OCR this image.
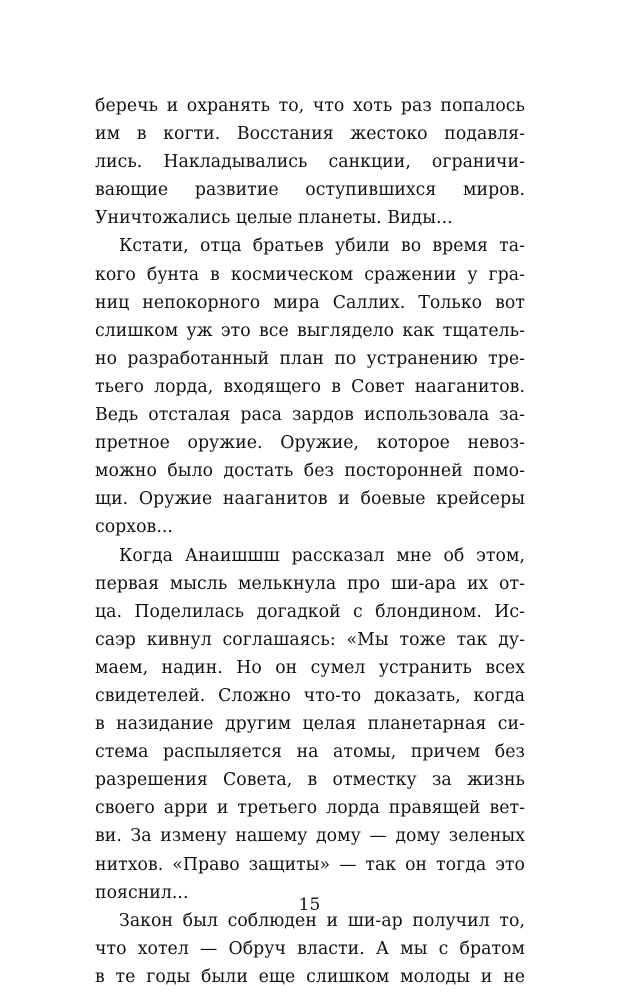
беречь и охранять то, что хоть раз попалось
им в когти. Восстания жестоко подавля-
лись. Накладывались санкции, ограничи-
вающие развитие оступившихся миров.
Уничтожались целые планеты. Виды...
Кстати, отца братьев убили во время та-
кого бунта в космическом сражении у гра-
ниц непокорного мира Саллих. Только вот
слишком уж это все выглядело как тщатель-
но разработанный план по устранению тре-
тьего лорда, входящего в Совет нааганитов.
Ведь отсталая раса зардов использовала за-
претное оружие. Оружие, которое невоз-
можно было достать без посторонней помо-
щи. Оружие нааганитов и боевые крейсеры
сорхов...
Когда Анаишшш рассказал мне об этом,
первая мысль мелькнула про ши-ара их от-
ца. Поделилась догадкой с блондином. Ис-
саэр кивнул соглашаясь: «Мы тоже так ду-
маем, надин. Но он сумел устранить всех
свидетелей. Сложно что-то доказать, когда
в назидание другим целая планетарная си-
стема распыляется на атомы, причем без
разрешения Совета, в отместку за жизнь
своего арри и третьего лорда правящей вет-
ви. За измену нашему дому — дому зеленых
нитхов. «Право защиты» — так он тогда это
пояснил...
Закон был соблюден и ши-ар получил то,
что хотел — Обруч власти. А мы с братом
в те годы были еще слишком молоды и не
15
